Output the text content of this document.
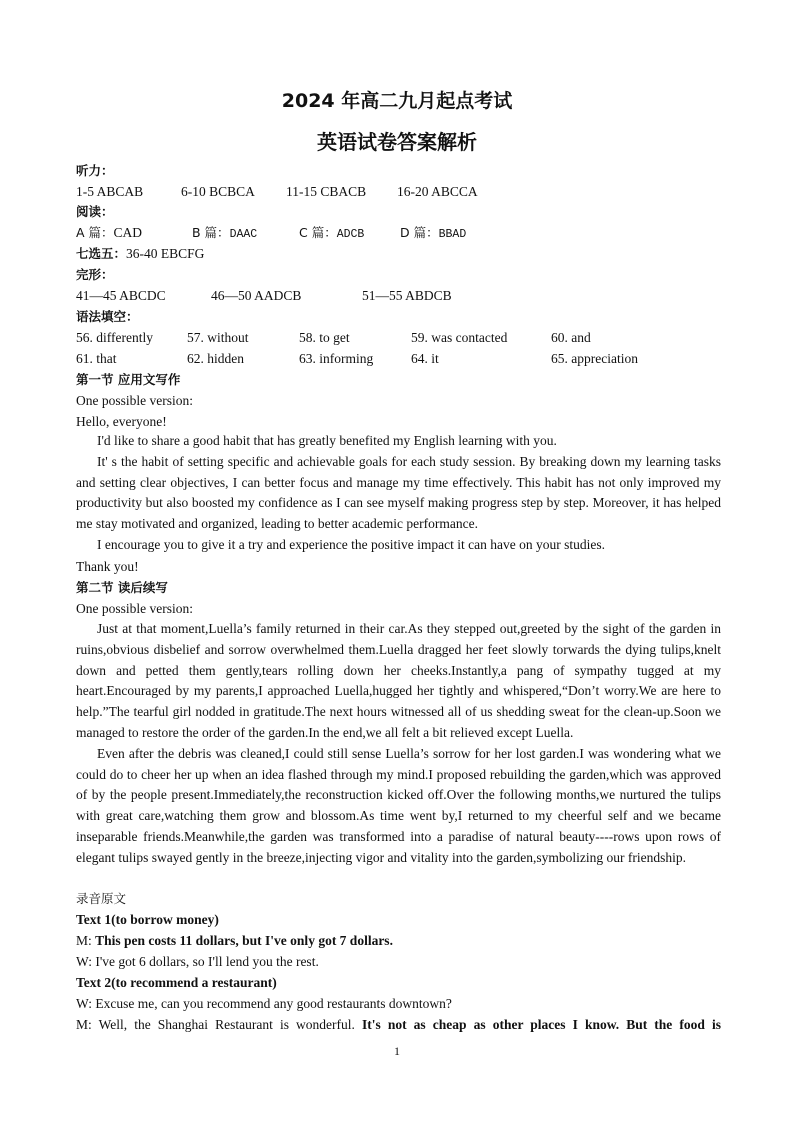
2024 年高二九月起点考试
英语试卷答案解析
听力：
1-5 ABCAB	6-10 BCBCA 11-15 CBACB 16-20 ABCCA
阅读：
A 篇：CAD	B 篇：DAAC	C 篇：ADCB	D 篇：BBAD
七选五：36-40 EBCFG
完形：
41—45 ABCDC	46—50 AADCB	51—55 ABDCB
语法填空：
56. differently	57. without	58. to get	59. was contacted	60. and
61. that	62. hidden	63. informing	64. it	65. appreciation
第一节 应用文写作
One possible version:
Hello, everyone!

I'd like to share a good habit that has greatly benefited my English learning with you.

It' s the habit of setting specific and achievable goals for each study session. By breaking down my learning tasks and setting clear objectives, I can better focus and manage my time effectively. This habit has not only improved my productivity but also boosted my confidence as I can see myself making progress step by step. Moreover, it has helped me stay motivated and organized, leading to better academic performance.

I encourage you to give it a try and experience the positive impact it can have on your studies.

Thank you!
第二节 读后续写
One possible version:

Just at that moment,Luella’s family returned in their car.As they stepped out,greeted by the sight of the garden in ruins,obvious disbelief and sorrow overwhelmed them.Luella dragged her feet slowly torwards the dying tulips,knelt down and petted them gently,tears rolling down her cheeks.Instantly,a pang of sympathy tugged at my heart.Encouraged by my parents,I approached Luella,hugged her tightly and whispered,“Don’t worry.We are here to help.”The tearful girl nodded in gratitude.The next hours witnessed all of us shedding sweat for the clean-up.Soon we managed to restore the order of the garden.In the end,we all felt a bit relieved except Luella.

Even after the debris was cleaned,I could still sense Luella’s sorrow for her lost garden.I was wondering what we could do to cheer her up when an idea flashed through my mind.I proposed rebuilding the garden,which was approved of by the people present.Immediately,the reconstruction kicked off.Over the following months,we nurtured the tulips with great care,watching them grow and blossom.As time went by,I returned to my cheerful self and we became inseparable friends.Meanwhile,the garden was transformed into a paradise of natural beauty----rows upon rows of elegant tulips swayed gently in the breeze,injecting vigor and vitality into the garden,symbolizing our friendship.

录音原文
Text 1(to borrow money)
M: This pen costs 11 dollars, but I've only got 7 dollars.
W: I've got 6 dollars, so I'll lend you the rest.
Text 2(to recommend a restaurant)
W: Excuse me, can you recommend any good restaurants downtown?
M: Well, the Shanghai Restaurant is wonderful. It's not as cheap as other places I know. But the food is
1
